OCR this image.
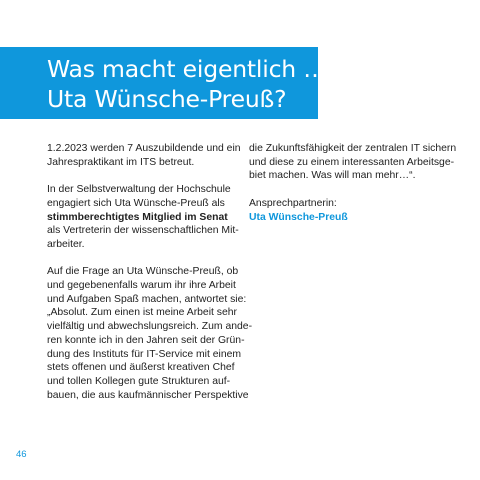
Was macht eigentlich …
Uta Wünsche-Preuß?

1.2.2023 werden 7 Auszubildende und ein

Jahrespraktikant im ITS betreut.

In der Selbstverwaltung der Hochschule

engagiert sich Uta Wünsche-Preuß als

stimmberechtigtes Mitglied im Senat

als Vertreterin der wissenschaftlichen Mit-

arbeiter.

Auf die Frage an Uta Wünsche-Preuß, ob

und gegebenenfalls warum ihr ihre Arbeit

und Aufgaben Spaß machen, antwortet sie:

„Absolut. Zum einen ist meine Arbeit sehr

vielfältig und abwechslungsreich. Zum ande-

ren konnte ich in den Jahren seit der Grün-

dung des Instituts für IT-Service mit einem

stets offenen und äußerst kreativen Chef

und tollen Kollegen gute Strukturen auf-

bauen, die aus kaufmännischer Perspektive

die Zukunftsfähigkeit der zentralen IT sichern

und diese zu einem interessanten Arbeitsge-

biet machen. Was will man mehr…“.

Ansprechpartnerin:

Uta Wünsche-Preuß

46
